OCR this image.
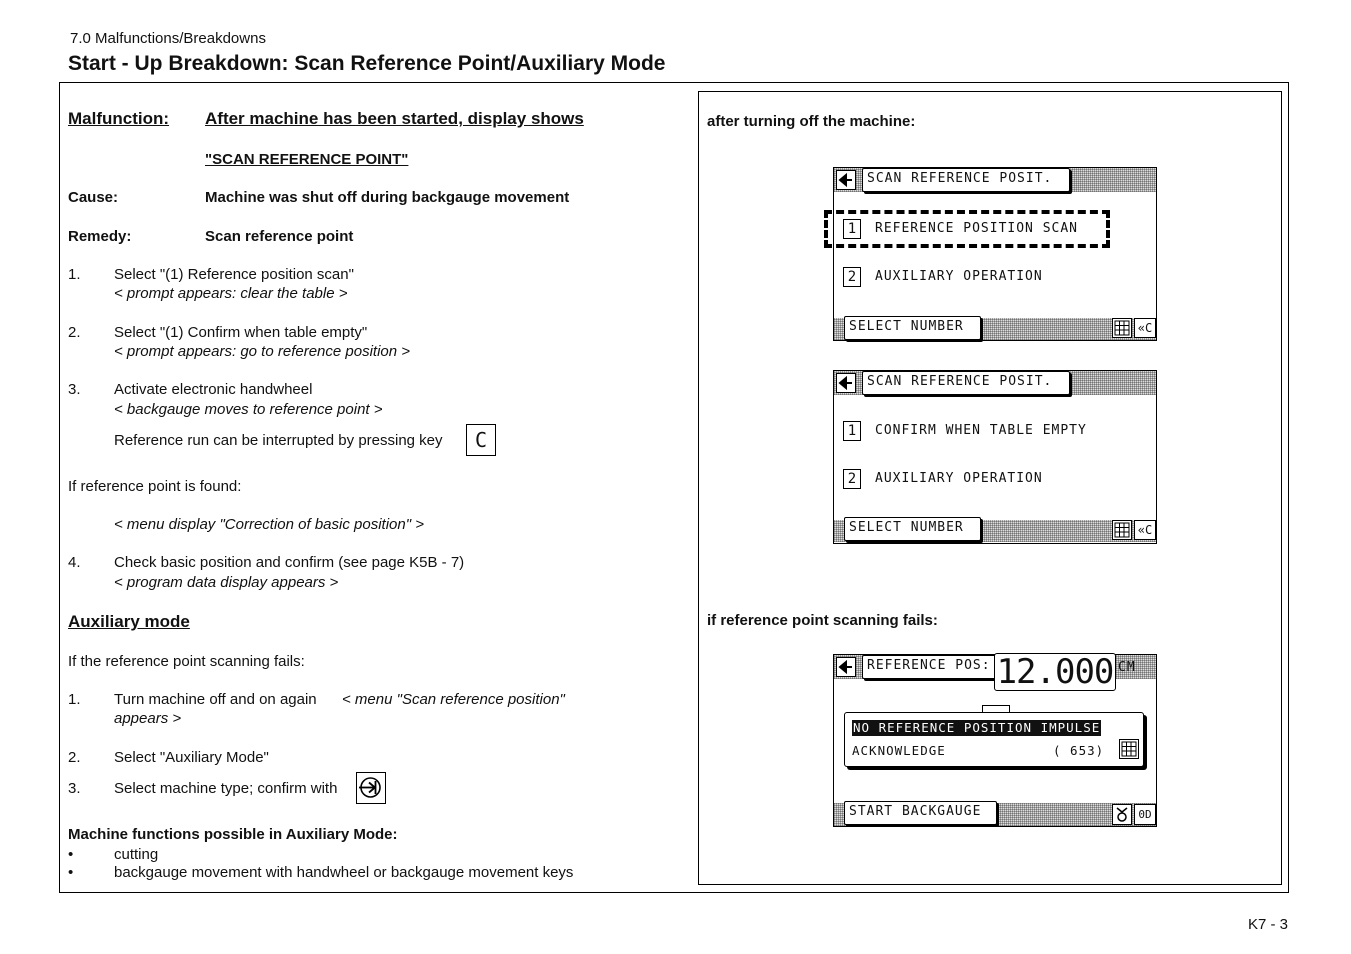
7.0 Malfunctions/Breakdowns
Start - Up Breakdown: Scan Reference Point/Auxiliary Mode
Malfunction: After machine has been started, display shows
"SCAN REFERENCE POINT"
Cause:	Machine was shut off during backgauge movement
Remedy:	Scan reference point
1. Select "(1) Reference position scan"
< prompt appears: clear the table >
2. Select "(1) Confirm when table empty"
< prompt appears: go to reference position >
3. Activate electronic handwheel
< backgauge moves to reference point >
Reference run can be interrupted by pressing key	C
If reference point is found:
< menu display "Correction of basic position" >
4. Check basic position and confirm (see page K5B - 7)
< program data display appears >
Auxiliary mode
If the reference point scanning fails:
1. Turn machine off and on again < menu "Scan reference position"
appears >
2. Select "Auxiliary Mode"
3. Select machine type; confirm with
Machine functions possible in Auxiliary Mode:
•	cutting
•	backgauge movement with handwheel or backgauge movement keys
after turning off the machine:
SCAN REFERENCE POSIT.
1	REFERENCE POSITION SCAN
2	AUXILIARY OPERATION
SELECT NUMBER	«C
SCAN REFERENCE POSIT.
1	CONFIRM WHEN TABLE EMPTY
2	AUXILIARY OPERATION
SELECT NUMBER	«C
if reference point scanning fails:
REFERENCE POS: 12.000 CM
NO REFERENCE POSITION IMPULSE
ACKNOWLEDGE	( 653)
START BACKGAUGE	0D
K7 - 3
